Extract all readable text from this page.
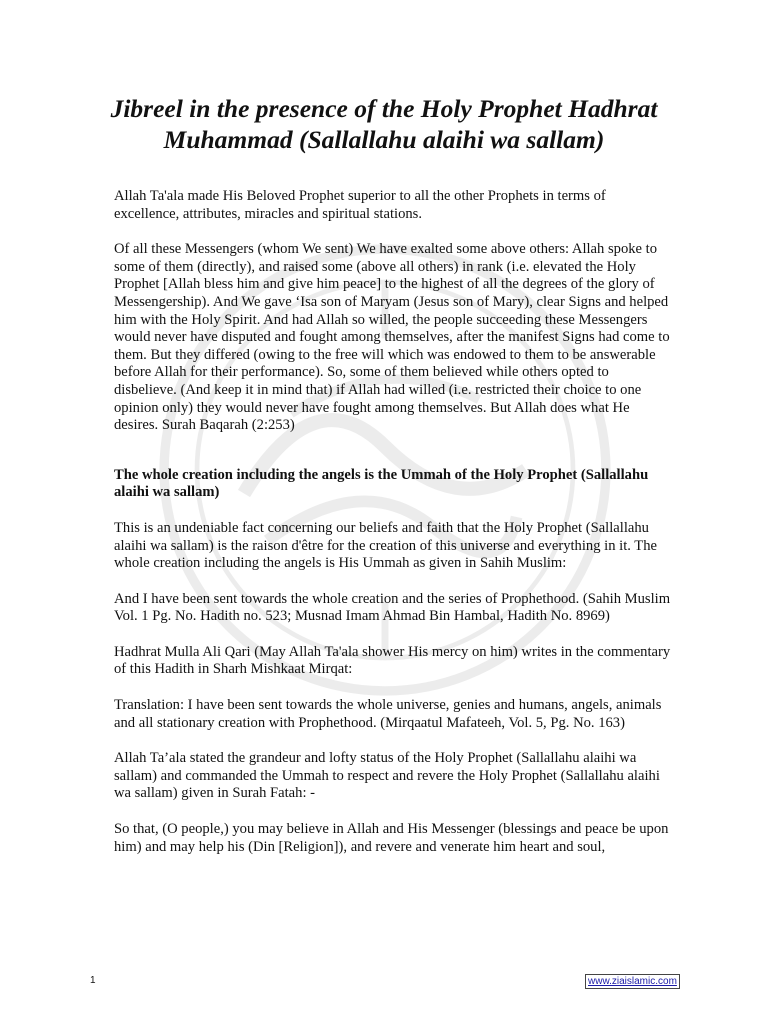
Jibreel in the presence of the Holy Prophet Hadhrat Muhammad (Sallallahu alaihi wa sallam)

Allah Ta'ala made His Beloved Prophet superior to all the other Prophets in terms of excellence, attributes, miracles and spiritual stations.

Of all these Messengers (whom We sent) We have exalted some above others: Allah spoke to some of them (directly), and raised some (above all others) in rank (i.e. elevated the Holy Prophet [Allah bless him and give him peace] to the highest of all the degrees of the glory of Messengership). And We gave ‘Isa son of Maryam (Jesus son of Mary), clear Signs and helped him with the Holy Spirit. And had Allah so willed, the people succeeding these Messengers would never have disputed and fought among themselves, after the manifest Signs had come to them. But they differed (owing to the free will which was endowed to them to be answerable before Allah for their performance). So, some of them believed while others opted to disbelieve. (And keep it in mind that) if Allah had willed (i.e. restricted their choice to one opinion only) they would never have fought among themselves. But Allah does what He desires. Surah Baqarah (2:253)

The whole creation including the angels is the Ummah of the Holy Prophet (Sallallahu alaihi wa sallam)

This is an undeniable fact concerning our beliefs and faith that the Holy Prophet (Sallallahu alaihi wa sallam) is the raison d'être for the creation of this universe and everything in it. The whole creation including the angels is His Ummah as given in Sahih Muslim:

And I have been sent towards the whole creation and the series of Prophethood. (Sahih Muslim Vol. 1 Pg. No. Hadith no. 523; Musnad Imam Ahmad Bin Hambal, Hadith No. 8969)

Hadhrat Mulla Ali Qari (May Allah Ta'ala shower His mercy on him) writes in the commentary of this Hadith in Sharh Mishkaat Mirqat:

Translation: I have been sent towards the whole universe, genies and humans, angels, animals and all stationary creation with Prophethood. (Mirqaatul Mafateeh, Vol. 5, Pg. No. 163)

Allah Ta’ala stated the grandeur and lofty status of the Holy Prophet (Sallallahu alaihi wa sallam) and commanded the Ummah to respect and revere the Holy Prophet (Sallallahu alaihi wa sallam) given in Surah Fatah: -

So that, (O people,) you may believe in Allah and His Messenger (blessings and peace be upon him) and may help his (Din [Religion]), and revere and venerate him heart and soul,

1	www.ziaislamic.com
